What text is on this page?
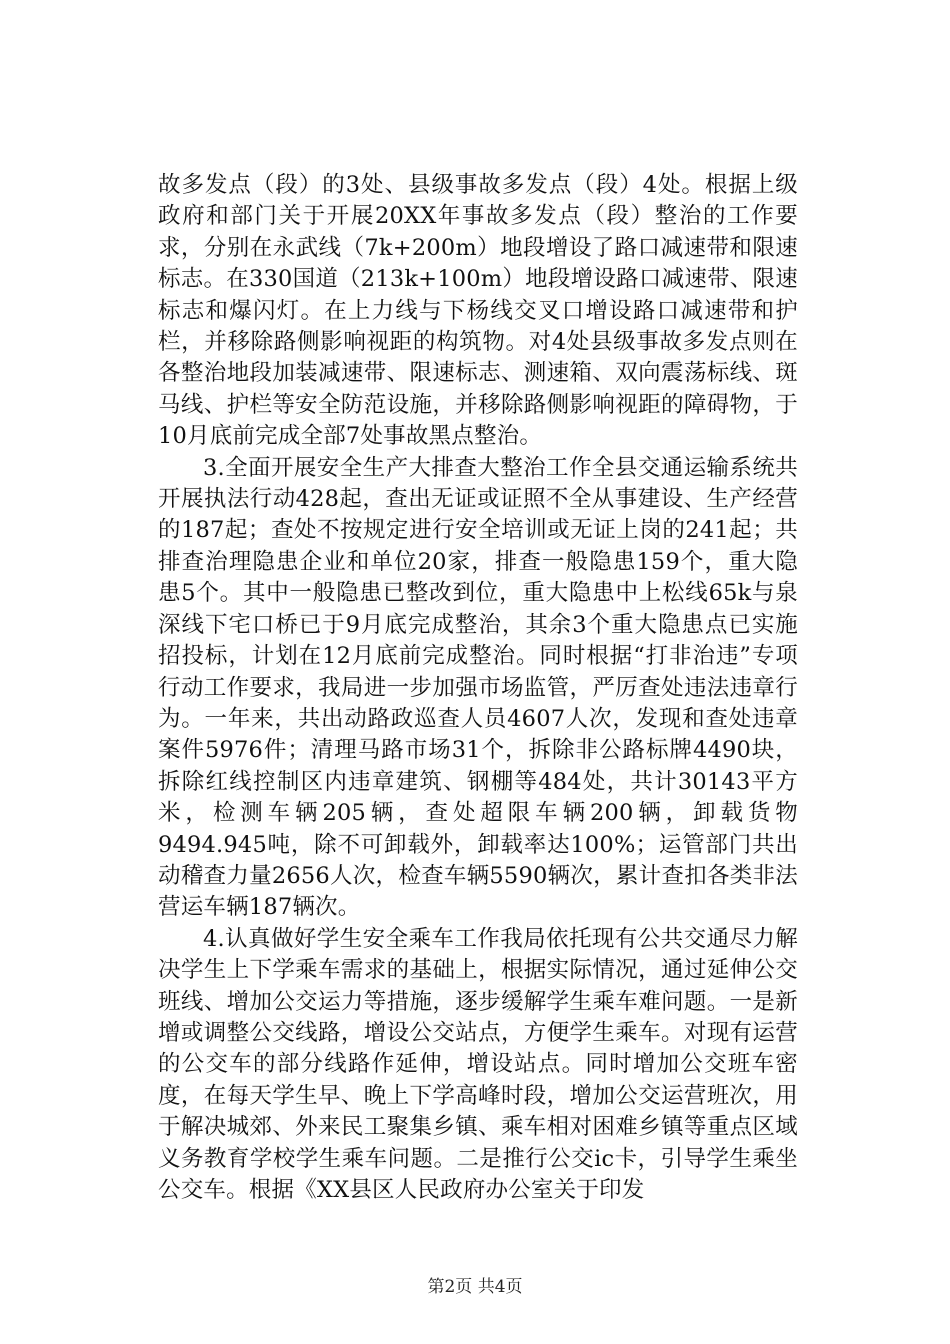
故多发点（段）的3处、县级事故多发点（段）4处。根据上级政府和部门关于开展20XX年事故多发点（段）整治的工作要求，分别在永武线（7k+200m）地段增设了路口减速带和限速标志。在330国道（213k+100m）地段增设路口减速带、限速标志和爆闪灯。在上力线与下杨线交叉口增设路口减速带和护栏，并移除路侧影响视距的构筑物。对4处县级事故多发点则在各整治地段加装减速带、限速标志、测速箱、双向震荡标线、斑马线、护栏等安全防范设施，并移除路侧影响视距的障碍物，于10月底前完成全部7处事故黑点整治。

3.全面开展安全生产大排查大整治工作全县交通运输系统共开展执法行动428起，查出无证或证照不全从事建设、生产经营的187起；查处不按规定进行安全培训或无证上岗的241起；共排查治理隐患企业和单位20家，排查一般隐患159个，重大隐患5个。其中一般隐患已整改到位，重大隐患中上松线65k与泉深线下宅口桥已于9月底完成整治，其余3个重大隐患点已实施招投标，计划在12月底前完成整治。同时根据“打非治违”专项行动工作要求，我局进一步加强市场监管，严厉查处违法违章行为。一年来，共出动路政巡查人员4607人次，发现和查处违章案件5976件；清理马路市场31个，拆除非公路标牌4490块，拆除红线控制区内违章建筑、钢棚等484处，共计30143平方米，检测车辆205辆，查处超限车辆200辆，卸载货物9494.945吨，除不可卸载外，卸载率达100%；运管部门共出动稽查力量2656人次，检查车辆5590辆次，累计查扣各类非法营运车辆187辆次。

4.认真做好学生安全乘车工作我局依托现有公共交通尽力解决学生上下学乘车需求的基础上，根据实际情况，通过延伸公交班线、增加公交运力等措施，逐步缓解学生乘车难问题。一是新增或调整公交线路，增设公交站点，方便学生乘车。对现有运营的公交车的部分线路作延伸，增设站点。同时增加公交班车密度，在每天学生早、晚上下学高峰时段，增加公交运营班次，用于解决城郊、外来民工聚集乡镇、乘车相对困难乡镇等重点区域义务教育学校学生乘车问题。二是推行公交ic卡，引导学生乘坐公交车。根据《XX县区人民政府办公室关于印发

第2页 共4页
